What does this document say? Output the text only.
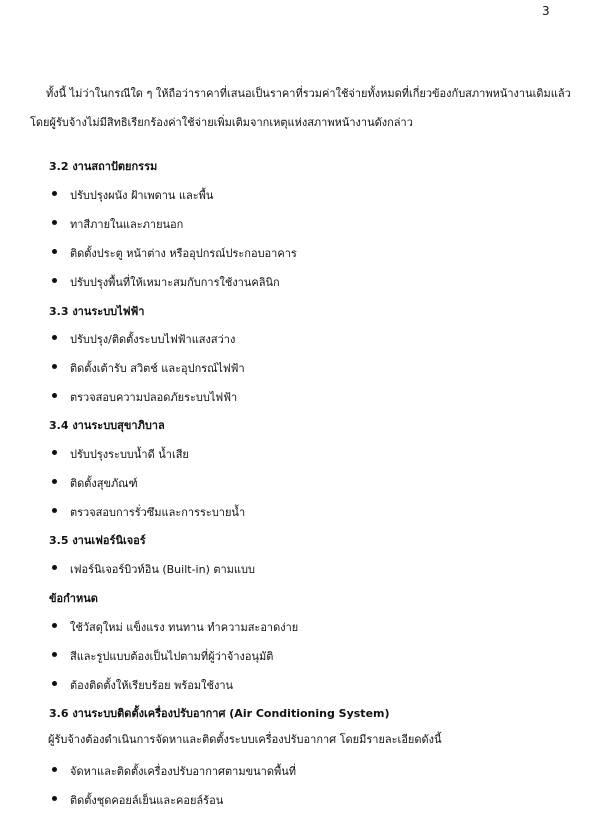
3
ทั้งนี้ ไม่ว่าในกรณีใด ๆ ให้ถือว่าราคาที่เสนอเป็นราคาที่รวมค่าใช้จ่ายทั้งหมดที่เกี่ยวข้องกับสภาพหน้างานเดิมแล้ว
โดยผู้รับจ้างไม่มีสิทธิเรียกร้องค่าใช้จ่ายเพิ่มเติมจากเหตุแห่งสภาพหน้างานดังกล่าว
3.2 งานสถาปัตยกรรม
ปรับปรุงผนัง ฝ้าเพดาน และพื้น
ทาสีภายในและภายนอก
ติดตั้งประตู หน้าต่าง หรืออุปกรณ์ประกอบอาคาร
ปรับปรุงพื้นที่ให้เหมาะสมกับการใช้งานคลินิก
3.3 งานระบบไฟฟ้า
ปรับปรุง/ติดตั้งระบบไฟฟ้าแสงสว่าง
ติดตั้งเต้ารับ สวิตช์ และอุปกรณ์ไฟฟ้า
ตรวจสอบความปลอดภัยระบบไฟฟ้า
3.4 งานระบบสุขาภิบาล
ปรับปรุงระบบน้ำดี น้ำเสีย
ติดตั้งสุขภัณฑ์
ตรวจสอบการรั่วซึมและการระบายน้ำ
3.5 งานเฟอร์นิเจอร์
เฟอร์นิเจอร์บิวท์อิน (Built-in) ตามแบบ
ข้อกำหนด
ใช้วัสดุใหม่ แข็งแรง ทนทาน ทำความสะอาดง่าย
สีและรูปแบบต้องเป็นไปตามที่ผู้ว่าจ้างอนุมัติ
ต้องติดตั้งให้เรียบร้อย พร้อมใช้งาน
3.6 งานระบบติดตั้งเครื่องปรับอากาศ (Air Conditioning System)
ผู้รับจ้างต้องดำเนินการจัดหาและติดตั้งระบบเครื่องปรับอากาศ โดยมีรายละเอียดดังนี้
จัดหาและติดตั้งเครื่องปรับอากาศตามขนาดพื้นที่
ติดตั้งชุดคอยล์เย็นและคอยล์ร้อน
